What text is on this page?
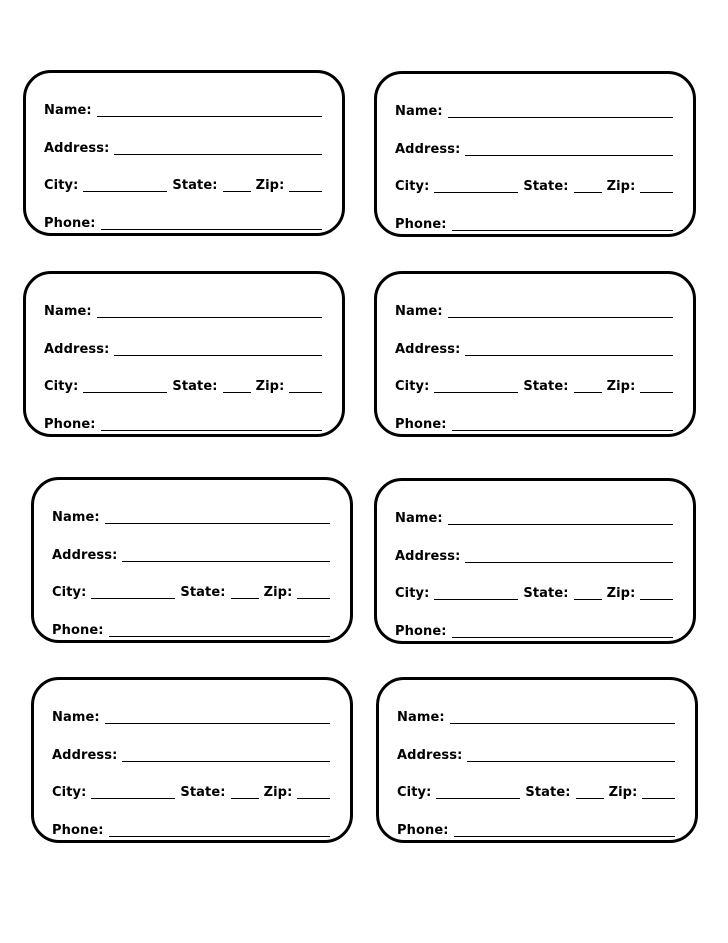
Name:
Address:
City:	State:	Zip:
Phone:
Name:
Address:
City:	State:	Zip:
Phone:
Name:
Address:
City:	State:	Zip:
Phone:
Name:
Address:
City:	State:	Zip:
Phone:
Name:
Address:
City:	State:	Zip:
Phone:
Name:
Address:
City:	State:	Zip:
Phone:
Name:
Address:
City:	State:	Zip:
Phone:
Name:
Address:
City:	State:	Zip:
Phone:
